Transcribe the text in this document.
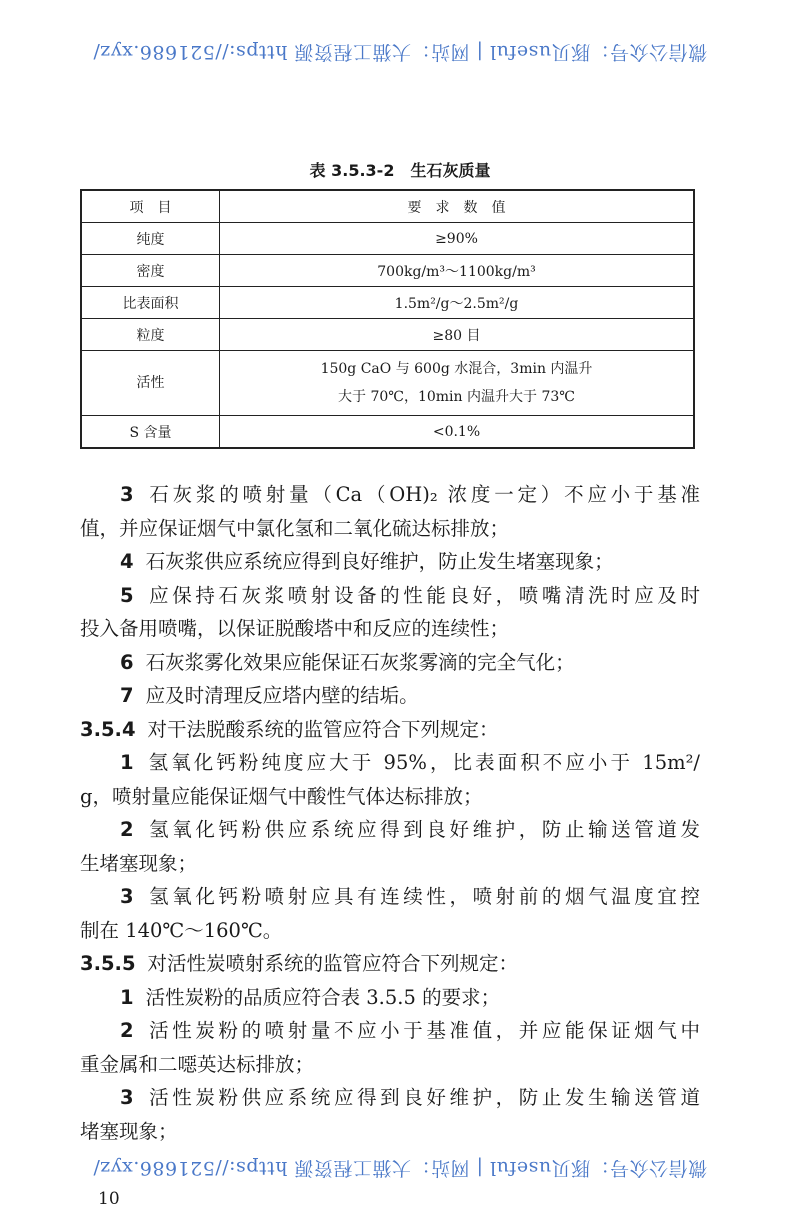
微信公众号：豚贝useful | 网站：大猫工程资源 https://521686.xyz/
表 3.5.3-2　生石灰质量
项　目	要　求　数　值
纯度	≥90%
密度	700kg/m³～1100kg/m³
比表面积	1.5m²/g～2.5m²/g
粒度	≥80 目
活性	150g CaO 与 600g 水混合，3min 内温升
大于 70℃，10min 内温升大于 73℃

S 含量	<0.1%
3 石灰浆的喷射量（Ca（OH)₂ 浓度一定）不应小于基准
值，并应保证烟气中氯化氢和二氧化硫达标排放；
4 石灰浆供应系统应得到良好维护，防止发生堵塞现象；
5 应保持石灰浆喷射设备的性能良好，喷嘴清洗时应及时
投入备用喷嘴，以保证脱酸塔中和反应的连续性；
6 石灰浆雾化效果应能保证石灰浆雾滴的完全气化；
7 应及时清理反应塔内壁的结垢。
3.5.4 对干法脱酸系统的监管应符合下列规定：
1 氢氧化钙粉纯度应大于 95%，比表面积不应小于 15m²/
g，喷射量应能保证烟气中酸性气体达标排放；
2 氢氧化钙粉供应系统应得到良好维护，防止输送管道发
生堵塞现象；
3 氢氧化钙粉喷射应具有连续性，喷射前的烟气温度宜控
制在 140℃～160℃。
3.5.5 对活性炭喷射系统的监管应符合下列规定：
1 活性炭粉的品质应符合表 3.5.5 的要求；
2 活性炭粉的喷射量不应小于基准值，并应能保证烟气中
重金属和二噁英达标排放；
3 活性炭粉供应系统应得到良好维护，防止发生输送管道
堵塞现象；
微信公众号：豚贝useful | 网站：大猫工程资源 https://521686.xyz/
10
